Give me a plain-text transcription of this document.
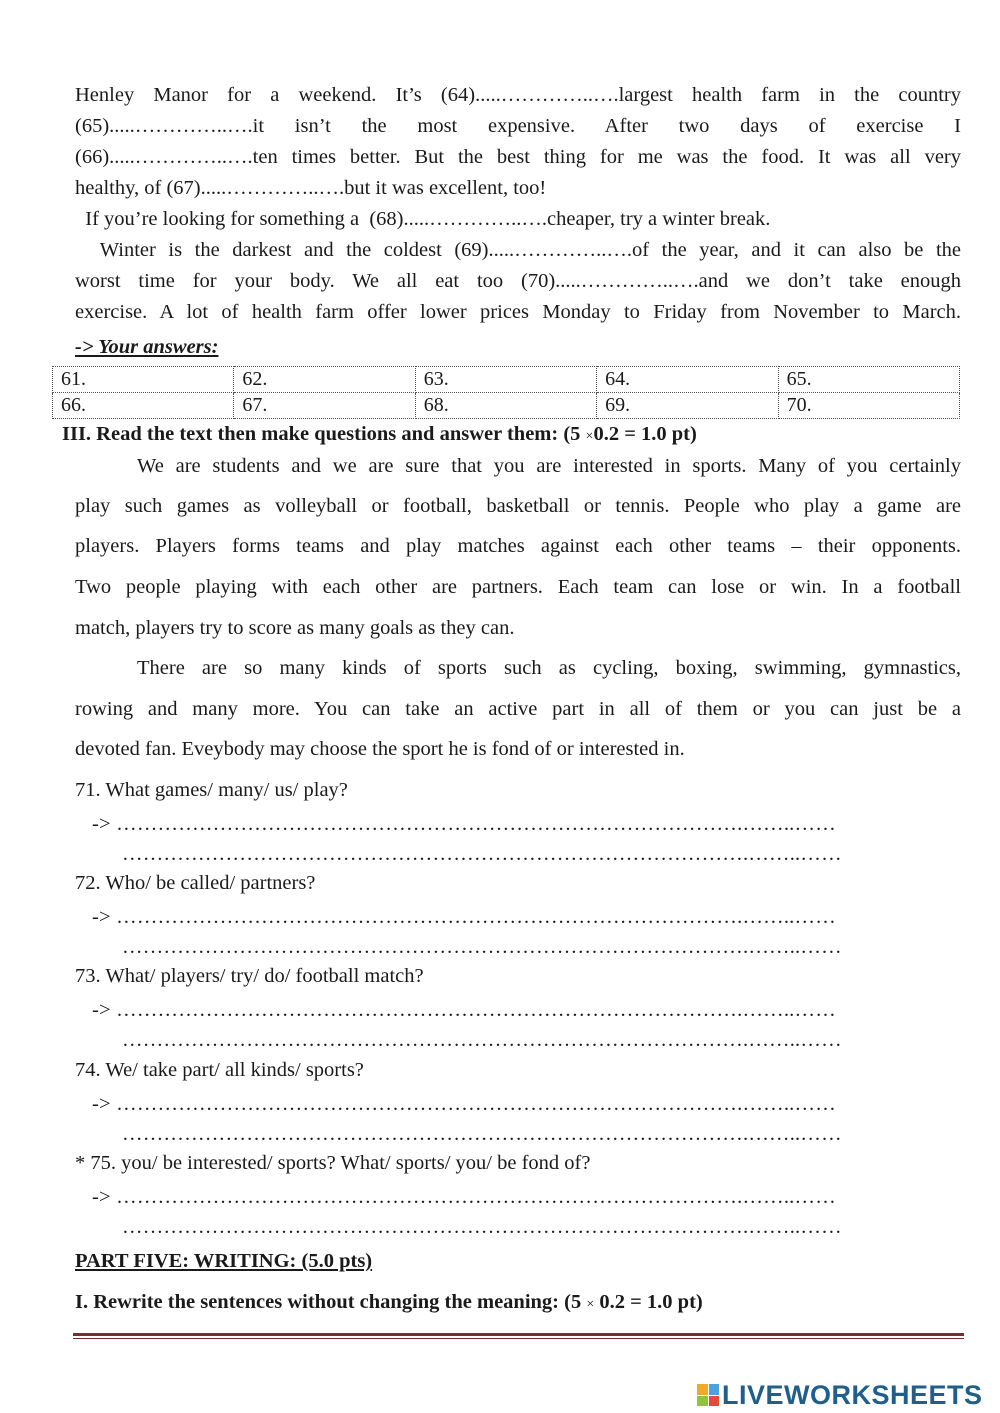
Henley Manor for a weekend. It’s (64).....…………..….largest health farm in the country
(65).....…………..….it isn’t the most expensive. After two days of exercise I
(66).....…………..….ten times better. But the best thing for me was the food. It was all very
healthy, of (67).....…………..….but it was excellent, too!
If you’re looking for something a  (68).....…………..….cheaper, try a winter break.
Winter is the darkest and the coldest (69).....…………..….of the year, and it can also be the
worst time for your body. We all eat too (70).....…………..….and we don’t take enough
exercise. A lot of health farm offer lower prices Monday to Friday from November to March.
-> Your answers:
61.	62.	63.	64.	65.
66.	67.	68.	69.	70.
III. Read the text then make questions and answer them: (5 ×0.2 = 1.0 pt)
We are students and we are sure that you are interested in sports. Many of you certainly
play such games as volleyball or football, basketball or tennis. People who play a game are
players. Players forms teams and play matches against each other teams – their opponents.
Two people playing with each other are partners. Each team can lose or win. In a football
match, players try to score as many goals as they can.
There are so many kinds of sports such as cycling, boxing, swimming, gymnastics,
rowing and many more. You can take an active part in all of them or you can just be a
devoted fan. Eveybody may choose the sport he is fond of or interested in.
71. What games/ many/ us/ play?
-> ……………………………………………………………………………….……..……
……………………………………………………………………………….……..……
72. Who/ be called/ partners?
-> ……………………………………………………………………………….……..……
……………………………………………………………………………….……..……
73. What/ players/ try/ do/ football match?
-> ……………………………………………………………………………….……..……
……………………………………………………………………………….……..……
74. We/ take part/ all kinds/ sports?
-> ……………………………………………………………………………….……..……
……………………………………………………………………………….……..……
* 75. you/ be interested/ sports? What/ sports/ you/ be fond of?
-> ……………………………………………………………………………….……..……
……………………………………………………………………………….……..……
PART FIVE: WRITING: (5.0 pts)
I. Rewrite the sentences without changing the meaning: (5 × 0.2 = 1.0 pt)
LIVEWORKSHEETS
